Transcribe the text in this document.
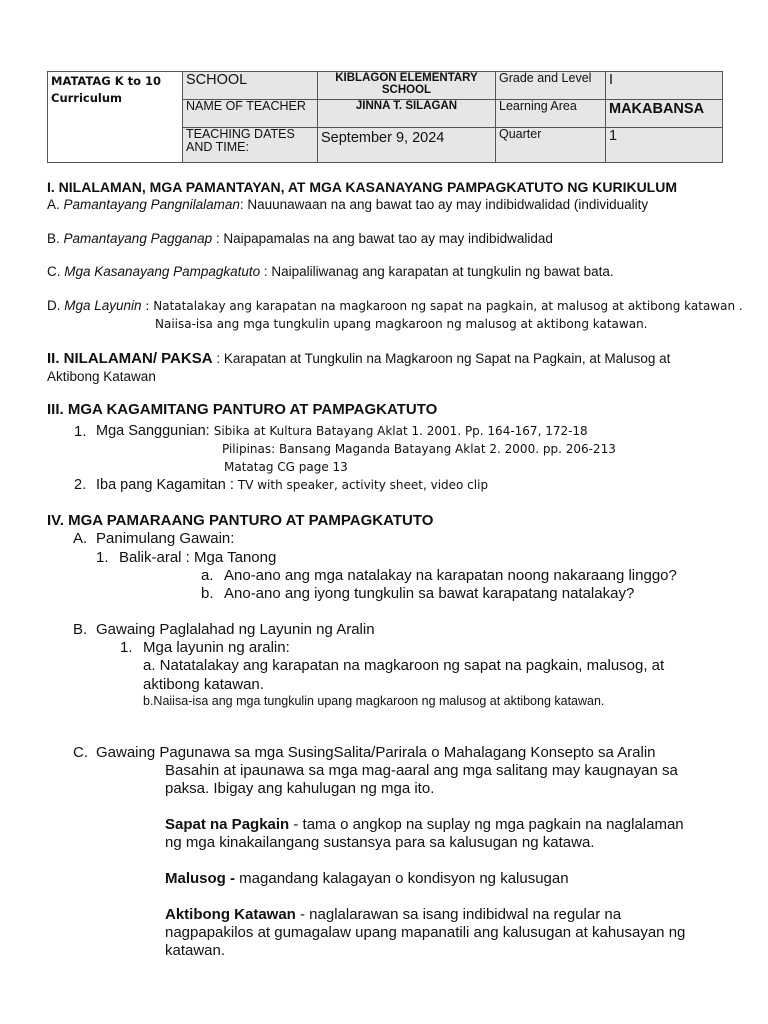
MATATAG K to 10 Curriculum	SCHOOL	KIBLAGON ELEMENTARY SCHOOL	Grade and Level	I
	NAME OF TEACHER	JINNA T. SILAGAN	Learning Area	MAKABANSA
	TEACHING DATES AND TIME:	September 9, 2024	Quarter	1
I. NILALAMAN, MGA PAMANTAYAN, AT MGA KASANAYANG PAMPAGKATUTO NG KURIKULUM
A. Pamantayang Pangnilalaman: Nauunawaan na ang bawat tao ay may indibidwalidad (individuality
B. Pamantayang Pagganap : Naipapamalas na ang bawat tao ay may indibidwalidad
C. Mga Kasanayang Pampagkatuto : Naipaliliwanag ang karapatan at tungkulin ng bawat bata.
D. Mga Layunin : Natatalakay ang karapatan na magkaroon ng sapat na pagkain, at malusog at aktibong katawan .
Naiisa-isa ang mga tungkulin upang magkaroon ng malusog at aktibong katawan.
II. NILALAMAN/ PAKSA : Karapatan at Tungkulin na Magkaroon ng Sapat na Pagkain, at Malusog at
Aktibong Katawan
III. MGA KAGAMITANG PANTURO AT PAMPAGKATUTO
1. Mga Sanggunian: Sibika at Kultura Batayang Aklat 1. 2001. Pp. 164-167, 172-18
Pilipinas: Bansang Maganda Batayang Aklat 2. 2000. pp. 206-213
Matatag CG page 13
2. Iba pang Kagamitan : TV with speaker, activity sheet, video clip
IV. MGA PAMARAANG PANTURO AT PAMPAGKATUTO
A. Panimulang Gawain:
1. Balik-aral : Mga Tanong
a. Ano-ano ang mga natalakay na karapatan noong nakaraang linggo?
b. Ano-ano ang iyong tungkulin sa bawat karapatang natalakay?
B. Gawaing Paglalahad ng Layunin ng Aralin
1. Mga layunin ng aralin:
a. Natatalakay ang karapatan na magkaroon ng sapat na pagkain, malusog, at
aktibong katawan.
b.Naiisa-isa ang mga tungkulin upang magkaroon ng malusog at aktibong katawan.
C. Gawaing Pagunawa sa mga SusingSalita/Parirala o Mahalagang Konsepto sa Aralin
Basahin at ipaunawa sa mga mag-aaral ang mga salitang may kaugnayan sa
paksa. Ibigay ang kahulugan ng mga ito.
Sapat na Pagkain - tama o angkop na suplay ng mga pagkain na naglalaman
ng mga kinakailangang sustansya para sa kalusugan ng katawa.
Malusog - magandang kalagayan o kondisyon ng kalusugan
Aktibong Katawan - naglalarawan sa isang indibidwal na regular na
nagpapakilos at gumagalaw upang mapanatili ang kalusugan at kahusayan ng
katawan.
